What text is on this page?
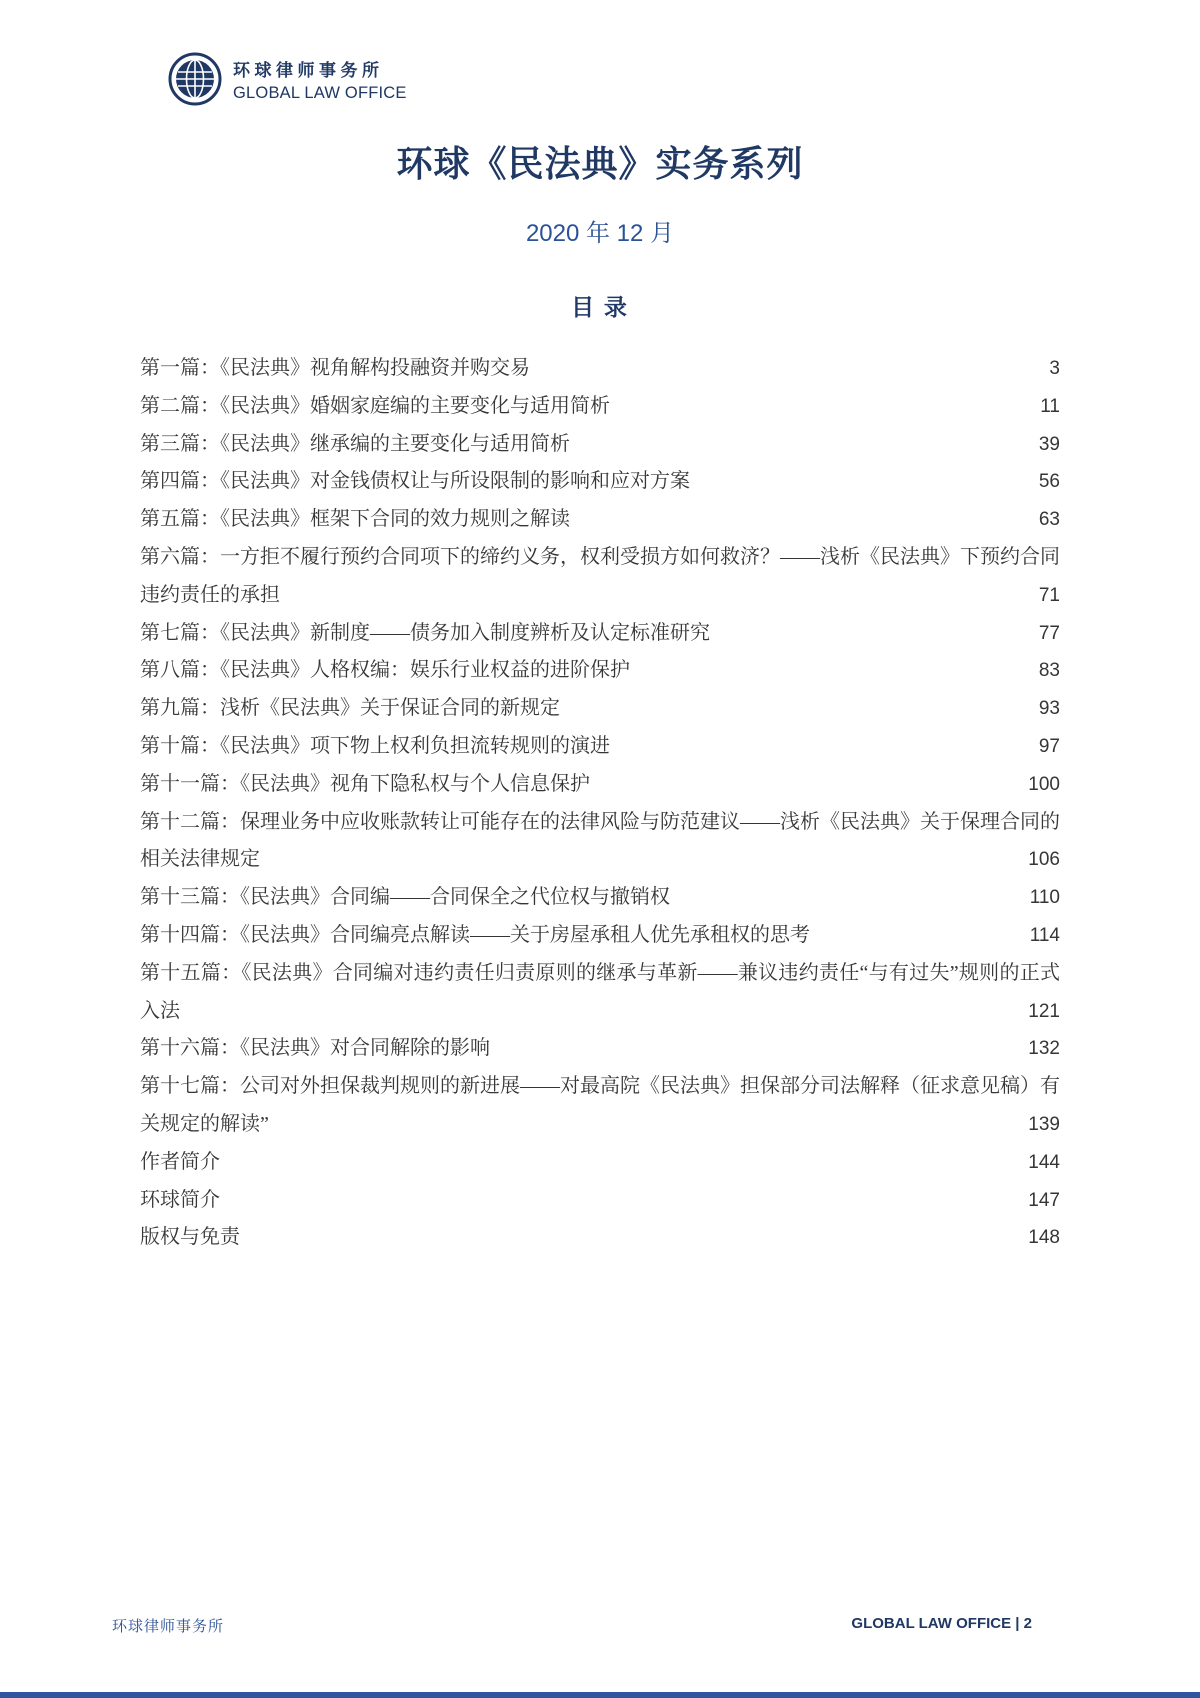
环球律师事务所
GLOBAL LAW OFFICE
环球《民法典》实务系列
2020 年 12 月
目 录
第一篇：《民法典》视角解构投融资并购交易	3
第二篇：《民法典》婚姻家庭编的主要变化与适用简析	11
第三篇：《民法典》继承编的主要变化与适用简析	39
第四篇：《民法典》对金钱债权让与所设限制的影响和应对方案	56
第五篇：《民法典》框架下合同的效力规则之解读	63
第六篇：一方拒不履行预约合同项下的缔约义务，权利受损方如何救济？——浅析《民法典》下预约合同违约责任的承担	71
第七篇：《民法典》新制度——债务加入制度辨析及认定标准研究	77
第八篇：《民法典》人格权编：娱乐行业权益的进阶保护	83
第九篇：浅析《民法典》关于保证合同的新规定	93
第十篇：《民法典》项下物上权利负担流转规则的演进	97
第十一篇：《民法典》视角下隐私权与个人信息保护	100
第十二篇：保理业务中应收账款转让可能存在的法律风险与防范建议——浅析《民法典》关于保理合同的相关法律规定	106
第十三篇：《民法典》合同编——合同保全之代位权与撤销权	110
第十四篇：《民法典》合同编亮点解读——关于房屋承租人优先承租权的思考	114
第十五篇：《民法典》合同编对违约责任归责原则的继承与革新——兼议违约责任“与有过失”规则的正式入法	121
第十六篇：《民法典》对合同解除的影响	132
第十七篇：公司对外担保裁判规则的新进展——对最高院《民法典》担保部分司法解释（征求意见稿）有关规定的解读”	139
作者简介	144
环球简介	147
版权与免责	148
环球律师事务所	GLOBAL LAW OFFICE | 2
